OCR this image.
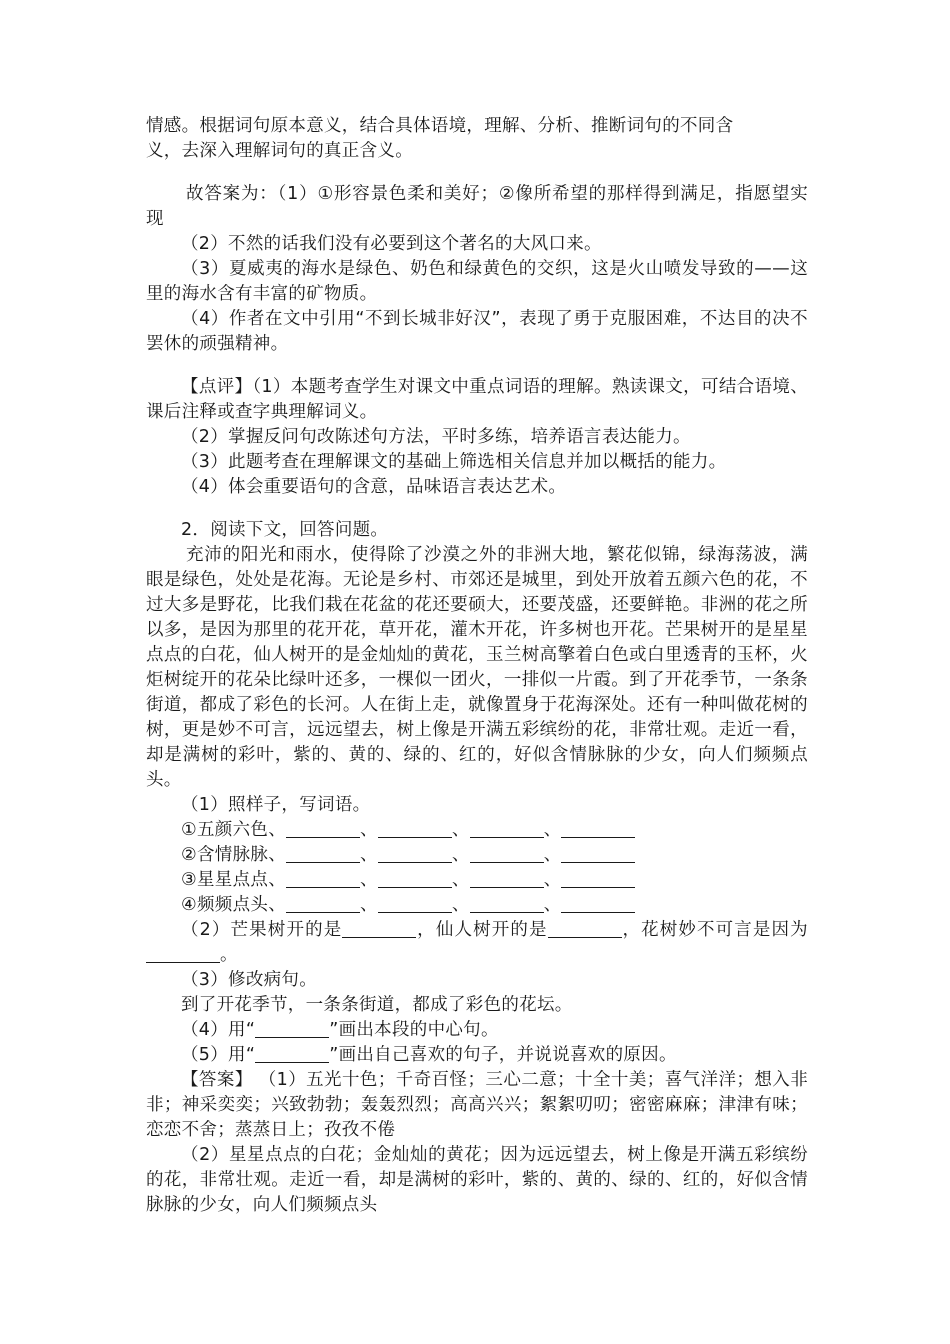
情感。根据词句原本意义，结合具体语境，理解、分析、推断词句的不同含

义，去深入理解词句的真正含义。

故答案为：（1）①形容景色柔和美好；②像所希望的那样得到满足，指愿望实现

（2）不然的话我们没有必要到这个著名的大风口来。

（3）夏威夷的海水是绿色、奶色和绿黄色的交织，这是火山喷发导致的——这里的海水含有丰富的矿物质。

（4）作者在文中引用“不到长城非好汉”，表现了勇于克服困难，不达目的决不罢休的顽强精神。

【点评】（1）本题考查学生对课文中重点词语的理解。熟读课文，可结合语境、课后注释或查字典理解词义。

（2）掌握反问句改陈述句方法，平时多练，培养语言表达能力。

（3）此题考查在理解课文的基础上筛选相关信息并加以概括的能力。

（4）体会重要语句的含意，品味语言表达艺术。

2．阅读下文，回答问题。

充沛的阳光和雨水，使得除了沙漠之外的非洲大地，繁花似锦，绿海荡波，满眼是绿色，处处是花海。无论是乡村、市郊还是城里，到处开放着五颜六色的花，不过大多是野花，比我们栽在花盆的花还要硕大，还要茂盛，还要鲜艳。非洲的花之所以多，是因为那里的花开花，草开花，灌木开花，许多树也开花。芒果树开的是星星点点的白花，仙人树开的是金灿灿的黄花，玉兰树高擎着白色或白里透青的玉杯，火炬树绽开的花朵比绿叶还多，一棵似一团火，一排似一片霞。到了开花季节，一条条街道，都成了彩色的长河。人在街上走，就像置身于花海深处。还有一种叫做花树的树，更是妙不可言，远远望去，树上像是开满五彩缤纷的花，非常壮观。走近一看，却是满树的彩叶，紫的、黄的、绿的、红的，好似含情脉脉的少女，向人们频频点头。

（1）照样子，写词语。

①五颜六色、	、	、	、

②含情脉脉、	、	、	、

③星星点点、	、	、	、

④频频点头、	、	、	、

（2）芒果树开的是	，仙人树开的是	，花树妙不可言是因为。

（3）修改病句。

到了开花季节，一条条街道，都成了彩色的花坛。

（4）用“	”画出本段的中心句。

（5）用“	”画出自己喜欢的句子，并说说喜欢的原因。

【答案】 （1）五光十色；千奇百怪；三心二意；十全十美；喜气洋洋；想入非非；神采奕奕；兴致勃勃；轰轰烈烈；高高兴兴；絮絮叨叨；密密麻麻；津津有味；恋恋不舍；蒸蒸日上；孜孜不倦

（2）星星点点的白花；金灿灿的黄花；因为远远望去，树上像是开满五彩缤纷的花，非常壮观。走近一看，却是满树的彩叶，紫的、黄的、绿的、红的，好似含情脉脉的少女，向人们频频点头
